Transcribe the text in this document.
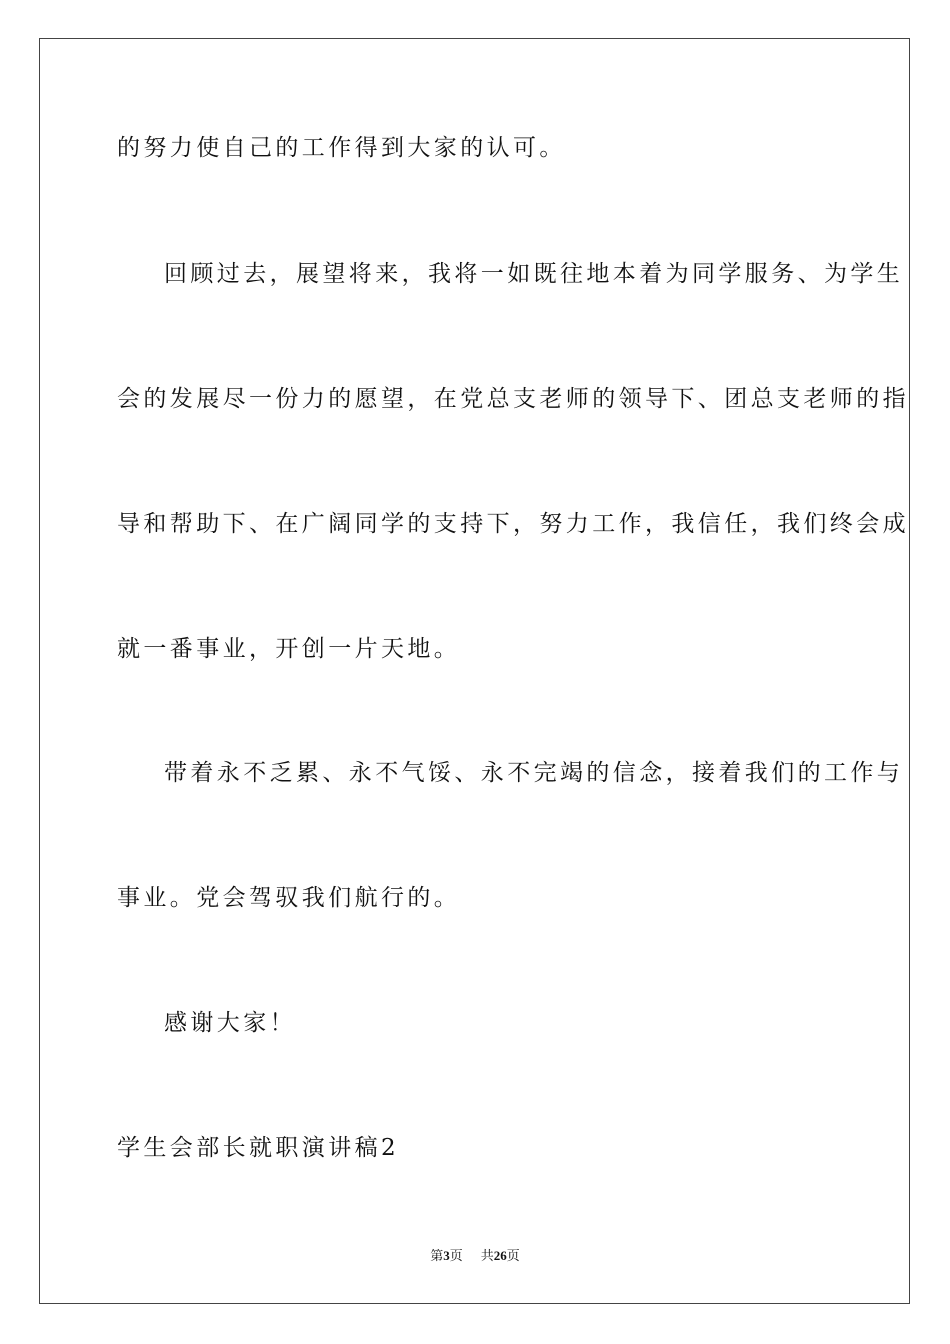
的努力使自己的工作得到大家的认可。
回顾过去，展望将来，我将一如既往地本着为同学服务、为学生
会的发展尽一份力的愿望，在党总支老师的领导下、团总支老师的指
导和帮助下、在广阔同学的支持下，努力工作，我信任，我们终会成
就一番事业，开创一片天地。
带着永不乏累、永不气馁、永不完竭的信念，接着我们的工作与
事业。党会驾驭我们航行的。
感谢大家！
学生会部长就职演讲稿2
第3页 共26页
